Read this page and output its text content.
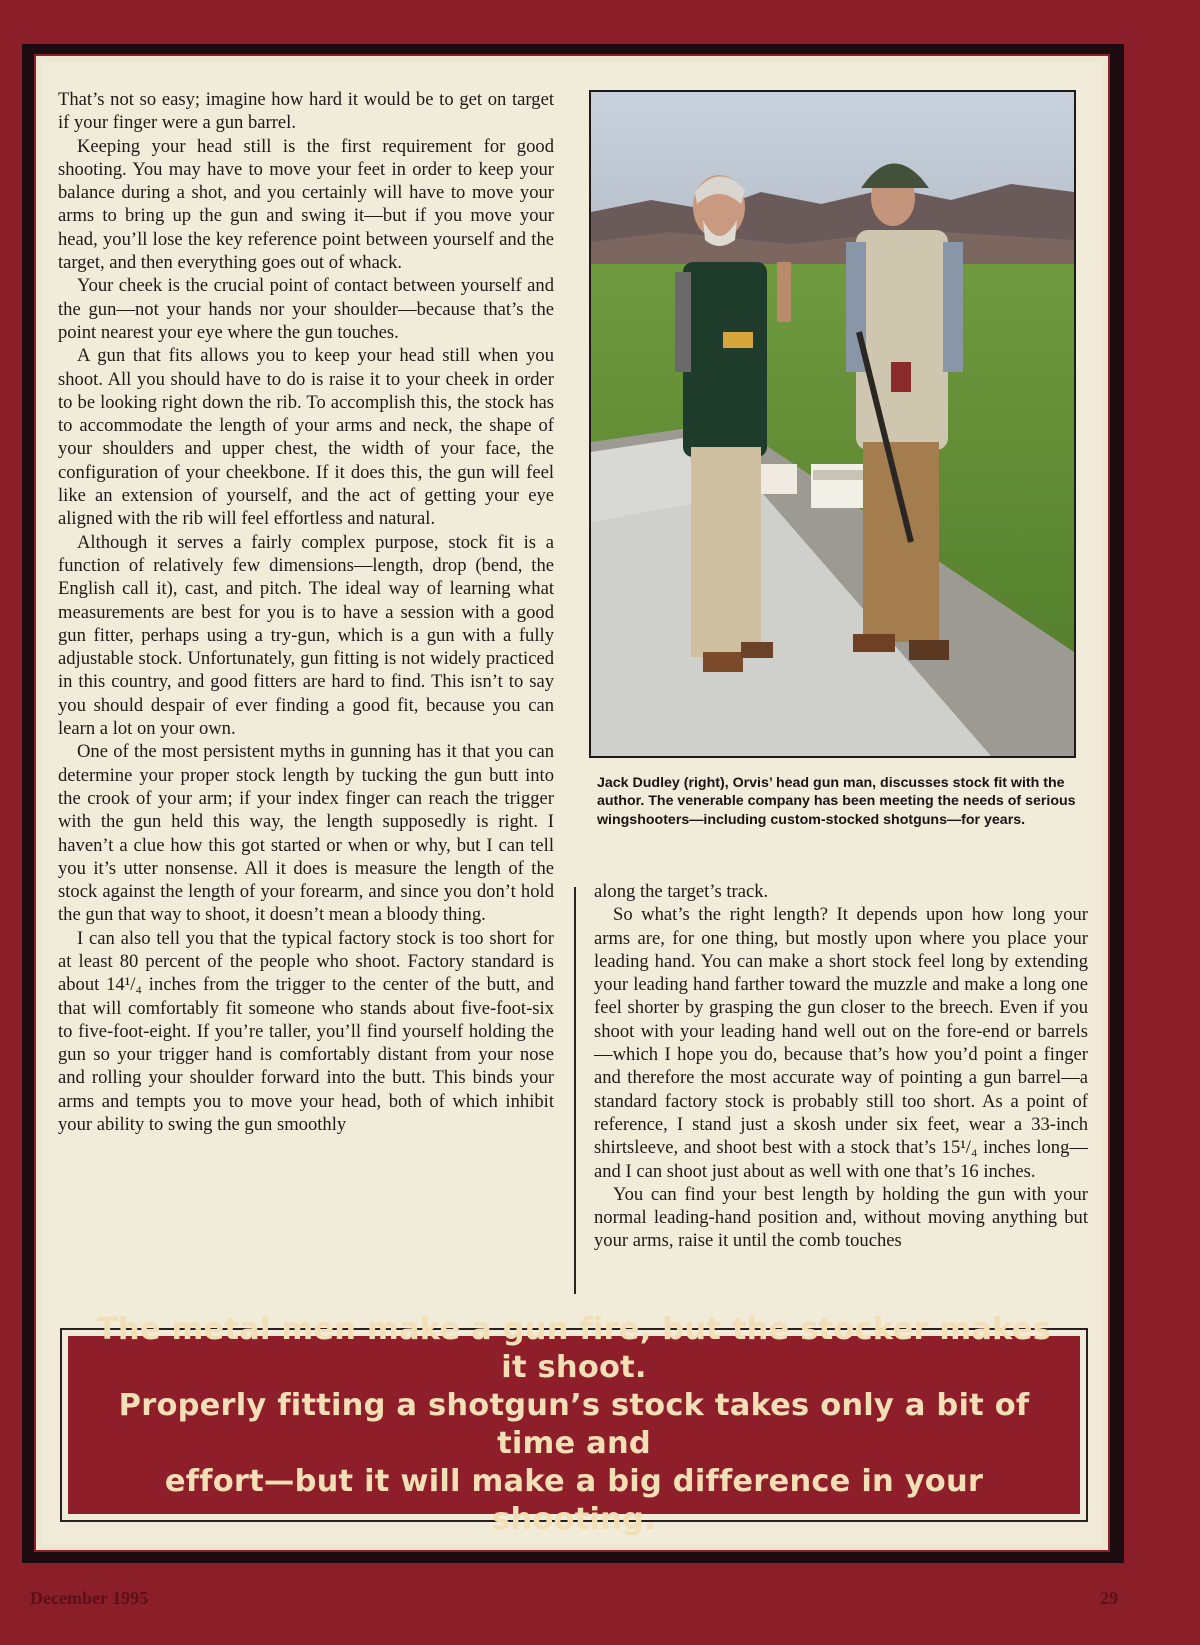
That’s not so easy; imagine how hard it would be to get on target if your finger were a gun barrel.

Keeping your head still is the first requirement for good shooting. You may have to move your feet in order to keep your balance during a shot, and you certainly will have to move your arms to bring up the gun and swing it—but if you move your head, you’ll lose the key reference point between yourself and the target, and then everything goes out of whack.

Your cheek is the crucial point of contact between yourself and the gun—not your hands nor your shoulder—because that’s the point nearest your eye where the gun touches.

A gun that fits allows you to keep your head still when you shoot. All you should have to do is raise it to your cheek in order to be looking right down the rib. To accomplish this, the stock has to accommodate the length of your arms and neck, the shape of your shoulders and upper chest, the width of your face, the configuration of your cheekbone. If it does this, the gun will feel like an extension of yourself, and the act of getting your eye aligned with the rib will feel effortless and natural.

Although it serves a fairly complex purpose, stock fit is a function of relatively few dimensions—length, drop (bend, the English call it), cast, and pitch. The ideal way of learning what measurements are best for you is to have a session with a good gun fitter, perhaps using a try-gun, which is a gun with a fully adjustable stock. Unfortunately, gun fitting is not widely practiced in this country, and good fitters are hard to find. This isn’t to say you should despair of ever finding a good fit, because you can learn a lot on your own.

One of the most persistent myths in gunning has it that you can determine your proper stock length by tucking the gun butt into the crook of your arm; if your index finger can reach the trigger with the gun held this way, the length supposedly is right. I haven’t a clue how this got started or when or why, but I can tell you it’s utter nonsense. All it does is measure the length of the stock against the length of your forearm, and since you don’t hold the gun that way to shoot, it doesn’t mean a bloody thing.

I can also tell you that the typical factory stock is too short for at least 80 percent of the people who shoot. Factory standard is about 14¹/₄ inches from the trigger to the center of the butt, and that will comfortably fit someone who stands about five-foot-six to five-foot-eight. If you’re taller, you’ll find yourself holding the gun so your trigger hand is comfortably distant from your nose and rolling your shoulder forward into the butt. This binds your arms and tempts you to move your head, both of which inhibit your ability to swing the gun smoothly

Jack Dudley (right), Orvis’ head gun man, discusses stock fit with the author. The venerable company has been meeting the needs of serious wingshooters—including custom-stocked shotguns—for years.

along the target’s track.

So what’s the right length? It depends upon how long your arms are, for one thing, but mostly upon where you place your leading hand. You can make a short stock feel long by extending your leading hand farther toward the muzzle and make a long one feel shorter by grasping the gun closer to the breech. Even if you shoot with your leading hand well out on the fore-end or barrels—which I hope you do, because that’s how you’d point a finger and therefore the most accurate way of pointing a gun barrel—a standard factory stock is probably still too short. As a point of reference, I stand just a skosh under six feet, wear a 33-inch shirtsleeve, and shoot best with a stock that’s 15¹/₄ inches long—and I can shoot just about as well with one that’s 16 inches.

You can find your best length by holding the gun with your normal leading-hand position and, without moving anything but your arms, raise it until the comb touches

The metal men make a gun fire, but the stocker makes it shoot.
Properly fitting a shotgun’s stock takes only a bit of time and
effort—but it will make a big difference in your shooting.
December 1995	29
